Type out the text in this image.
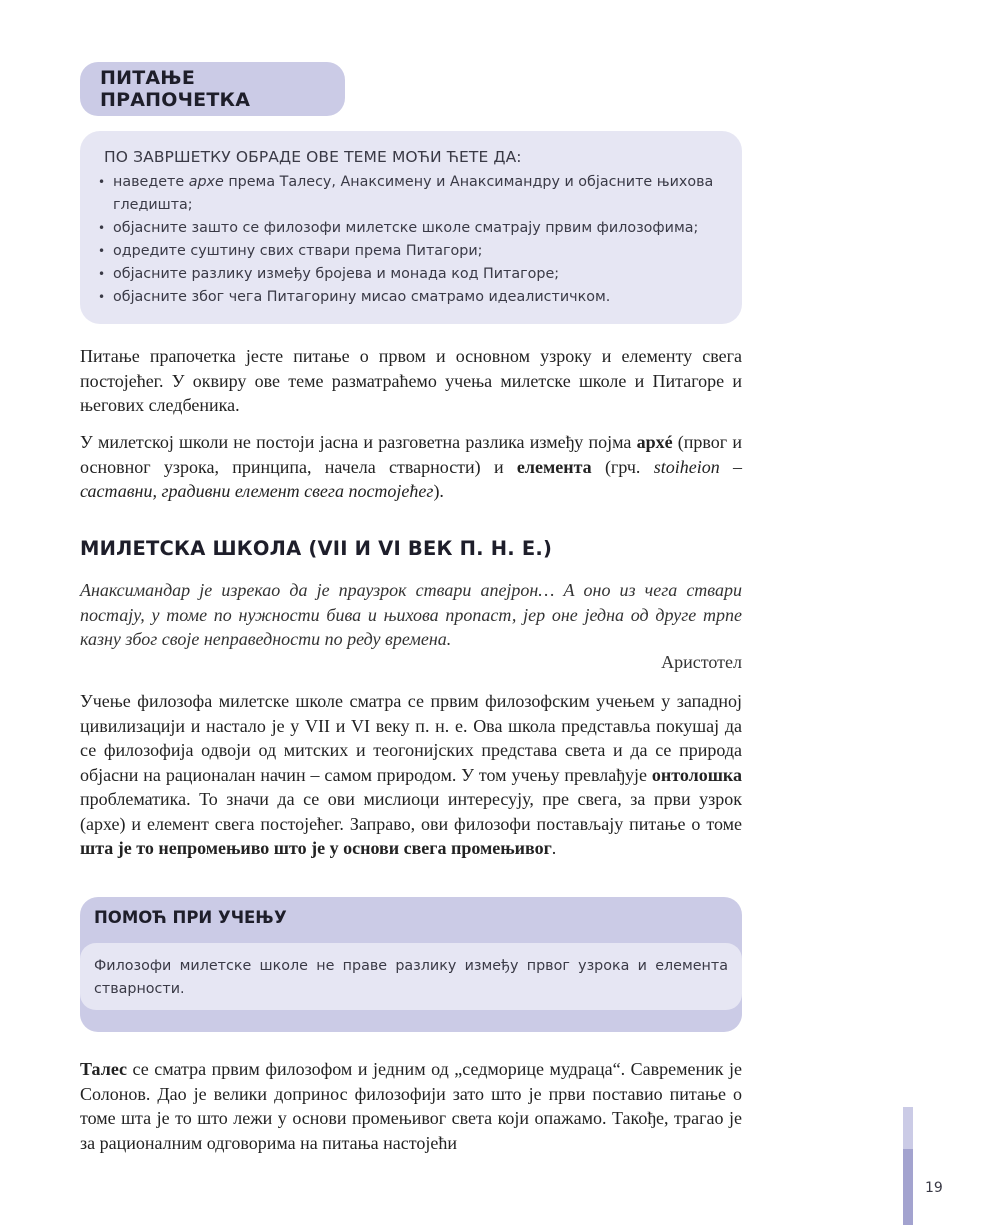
ПИТАЊЕ ПРАПОЧЕТКА
ПО ЗАВРШЕТКУ ОБРАДЕ ОВЕ ТЕМЕ МОЋИ ЋЕТЕ ДА:
• наведете архе према Талесу, Анаксимену и Анаксимандру и објасните њихова гледишта;
• објасните зашто се филозофи милетске школе сматрају првим филозофима;
• одредите суштину свих ствари према Питагори;
• објасните разлику између бројева и монада код Питагоре;
• објасните због чега Питагорину мисао сматрамо идеалистичком.

Питање прапочетка јесте питање о првом и основном узроку и елементу свега постојећег. У оквиру ове теме разматраћемо учења милетске школе и Питагоре и његових следбеника.

У милетској школи не постоји јасна и разговетна разлика између појма архé (првог и основног узрока, принципа, начела стварности) и елемента (грч. stoiheion – саставни, градивни елемент свега постојећег).

МИЛЕТСКА ШКОЛА (VII И VI ВЕК П. Н. Е.)
Анаксимандар је изрекао да је праузрок ствари апејрон… А оно из чега ствари постају, у томе по нужности бива и њихова пропаст, јер оне једна од друге трпе казну због своје неправедности по реду времена.
Аристотел

Учење филозофа милетске школе сматра се првим филозофским учењем у западној цивилизацији и настало је у VII и VI веку п. н. е. Ова школа представља покушај да се филозофија одвоји од митских и теогонијских представа света и да се природа објасни на рационалан начин – самом природом. У том учењу превлађује онтолошка проблематика. То значи да се ови мислиоци интересују, пре свега, за први узрок (архе) и елемент свега постојећег. Заправо, ови филозофи постављају питање о томе шта је то непромењиво што је у основи свега промењивог.

ПОМОЋ ПРИ УЧЕЊУ
Филозофи милетске школе не праве разлику између првог узрока и елемента стварности.

Талес се сматра првим филозофом и једним од „седморице мудраца“. Савременик је Солонов. Дао је велики допринос филозофији зато што је први поставио питање о томе шта је то што лежи у основи промењивог света који опажамо. Такође, трагао је за рационалним одговорима на питања настојећи

19
